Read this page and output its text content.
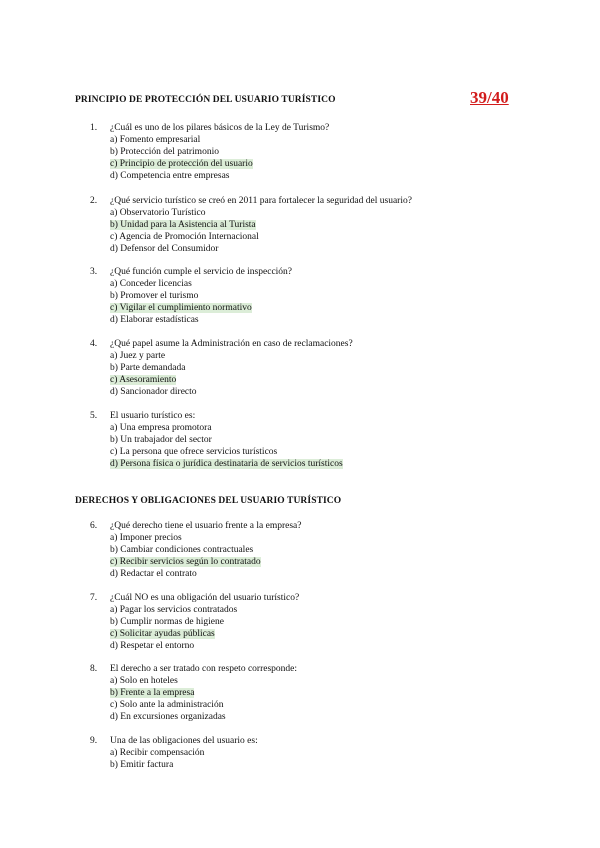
PRINCIPIO DE PROTECCIÓN DEL USUARIO TURÍSTICO	39/40
DERECHOS Y OBLIGACIONES DEL USUARIO TURÍSTICO
1.	¿Cuál es uno de los pilares básicos de la Ley de Turismo?
a) Fomento empresarial
b) Protección del patrimonio
c) Principio de protección del usuario
d) Competencia entre empresas
2.	¿Qué servicio turístico se creó en 2011 para fortalecer la seguridad del usuario?
a) Observatorio Turístico
b) Unidad para la Asistencia al Turista
c) Agencia de Promoción Internacional
d) Defensor del Consumidor
3.	¿Qué función cumple el servicio de inspección?
a) Conceder licencias
b) Promover el turismo
c) Vigilar el cumplimiento normativo
d) Elaborar estadísticas
4.	¿Qué papel asume la Administración en caso de reclamaciones?
a) Juez y parte
b) Parte demandada
c) Asesoramiento
d) Sancionador directo
5.	El usuario turístico es:
a) Una empresa promotora
b) Un trabajador del sector
c) La persona que ofrece servicios turísticos
d) Persona física o jurídica destinataria de servicios turísticos
6.	¿Qué derecho tiene el usuario frente a la empresa?
a) Imponer precios
b) Cambiar condiciones contractuales
c) Recibir servicios según lo contratado
d) Redactar el contrato
7.	¿Cuál NO es una obligación del usuario turístico?
a) Pagar los servicios contratados
b) Cumplir normas de higiene
c) Solicitar ayudas públicas
d) Respetar el entorno
8.	El derecho a ser tratado con respeto corresponde:
a) Solo en hoteles
b) Frente a la empresa
c) Solo ante la administración
d) En excursiones organizadas
9.	Una de las obligaciones del usuario es:
a) Recibir compensación
b) Emitir factura
